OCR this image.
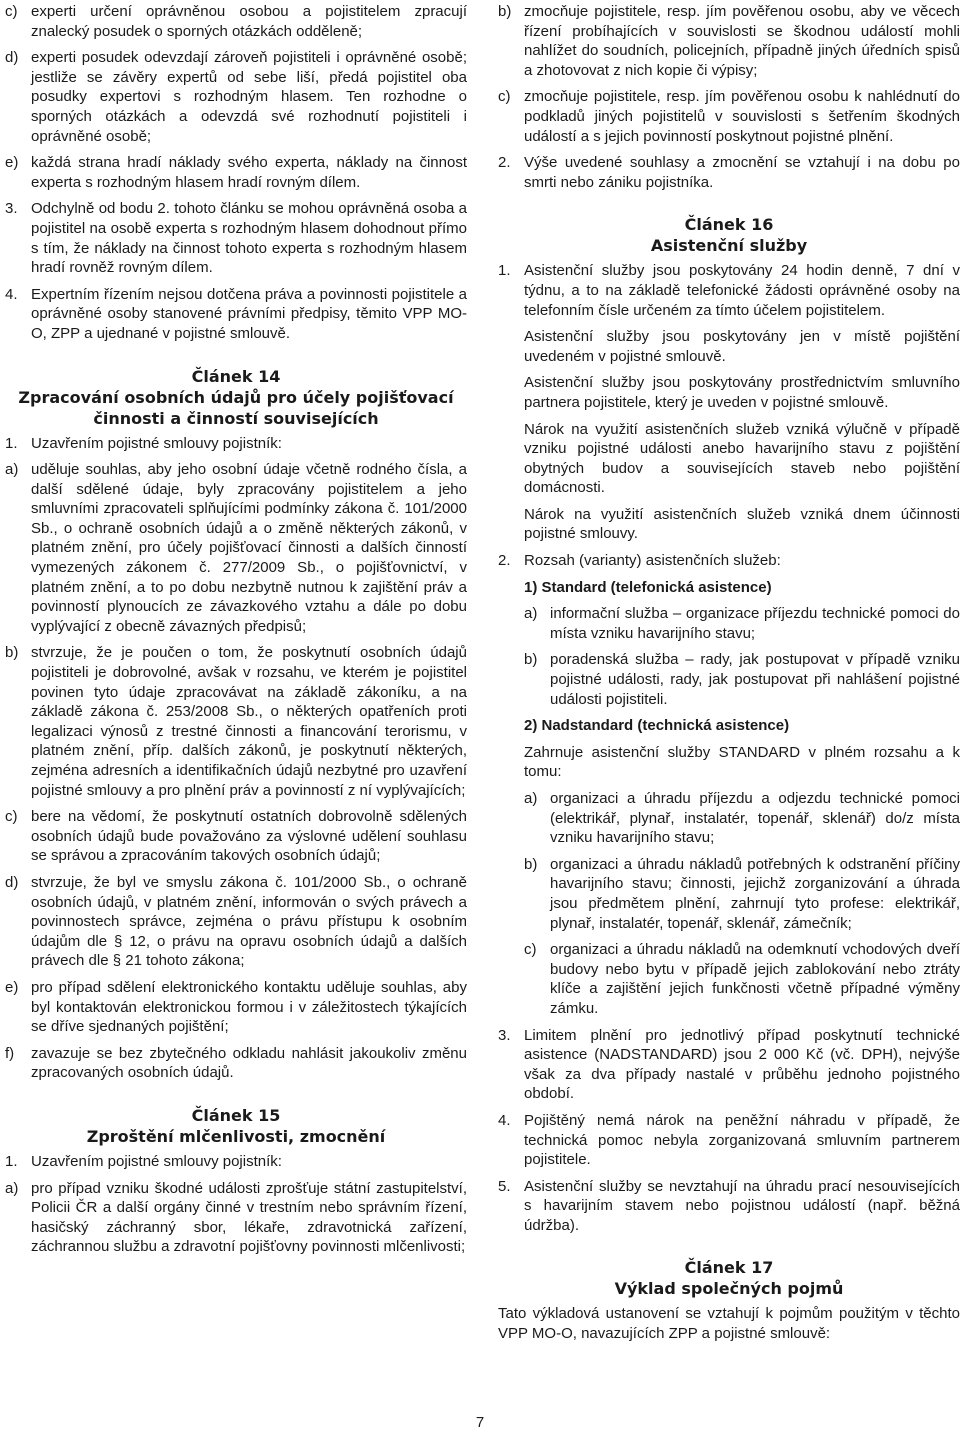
c) experti určení oprávněnou osobou a pojistitelem zpracují znalecký posudek o sporných otázkách odděleně;

d) experti posudek odevzdají zároveň pojistiteli i oprávněné osobě; jestliže se závěry expertů od sebe liší, předá pojistitel oba posudky expertovi s rozhodným hlasem. Ten rozhodne o sporných otázkách a odevzdá své rozhodnutí pojistiteli i oprávněné osobě;

e) každá strana hradí náklady svého experta, náklady na činnost experta s rozhodným hlasem hradí rovným dílem.

3. Odchylně od bodu 2. tohoto článku se mohou oprávněná osoba a pojistitel na osobě experta s rozhodným hlasem dohodnout přímo s tím, že náklady na činnost tohoto experta s rozhodným hlasem hradí rovněž rovným dílem.

4. Expertním řízením nejsou dotčena práva a povinnosti pojistitele a oprávněné osoby stanovené právními předpisy, těmito VPP MO-O, ZPP a ujednané v pojistné smlouvě.

Článek 14
Zpracování osobních údajů pro účely pojišťovací činnosti a činností souvisejících
1. Uzavřením pojistné smlouvy pojistník:

a) uděluje souhlas, aby jeho osobní údaje včetně rodného čísla, a další sdělené údaje, byly zpracovány pojistitelem a jeho smluvními zpracovateli splňujícími podmínky zákona č. 101/2000 Sb., o ochraně osobních údajů a o změně některých zákonů, v platném znění, pro účely pojišťovací činnosti a dalších činností vymezených zákonem č. 277/2009 Sb., o pojišťovnictví, v platném znění, a to po dobu nezbytně nutnou k zajištění práv a povinností plynoucích ze závazkového vztahu a dále po dobu vyplývající z obecně závazných předpisů;

b) stvrzuje, že je poučen o tom, že poskytnutí osobních údajů pojistiteli je dobrovolné, avšak v rozsahu, ve kterém je pojistitel povinen tyto údaje zpracovávat na základě zákoníku, a na základě zákona č. 253/2008 Sb., o některých opatřeních proti legalizaci výnosů z trestné činnosti a financování terorismu, v platném znění, příp. dalších zákonů, je poskytnutí některých, zejména adresních a identifikačních údajů nezbytné pro uzavření pojistné smlouvy a pro plnění práv a povinností z ní vyplývajících;

c) bere na vědomí, že poskytnutí ostatních dobrovolně sdělených osobních údajů bude považováno za výslovné udělení souhlasu se správou a zpracováním takových osobních údajů;

d) stvrzuje, že byl ve smyslu zákona č. 101/2000 Sb., o ochraně osobních údajů, v platném znění, informován o svých právech a povinnostech správce, zejména o právu přístupu k osobním údajům dle § 12, o právu na opravu osobních údajů a dalších právech dle § 21 tohoto zákona;

e) pro případ sdělení elektronického kontaktu uděluje souhlas, aby byl kontaktován elektronickou formou i v záležitostech týkajících se dříve sjednaných pojištění;

f) zavazuje se bez zbytečného odkladu nahlásit jakoukoliv změnu zpracovaných osobních údajů.

Článek 15
Zproštění mlčenlivosti, zmocnění
1. Uzavřením pojistné smlouvy pojistník:

a) pro případ vzniku škodné události zprošťuje státní zastupitelství, Policii ČR a další orgány činné v trestním nebo správním řízení, hasičský záchranný sbor, lékaře, zdravotnická zařízení, záchrannou službu a zdravotní pojišťovny povinnosti mlčenlivosti;

b) zmocňuje pojistitele, resp. jím pověřenou osobu, aby ve věcech řízení probíhajících v souvislosti se škodnou událostí mohli nahlížet do soudních, policejních, případně jiných úředních spisů a zhotovovat z nich kopie či výpisy;

c) zmocňuje pojistitele, resp. jím pověřenou osobu k nahlédnutí do podkladů jiných pojistitelů v souvislosti s šetřením škodných událostí a s jejich povinností poskytnout pojistné plnění.

2. Výše uvedené souhlasy a zmocnění se vztahují i na dobu po smrti nebo zániku pojistníka.

Článek 16
Asistenční služby
1. Asistenční služby jsou poskytovány 24 hodin denně, 7 dní v týdnu, a to na základě telefonické žádosti oprávněné osoby na telefonním čísle určeném za tímto účelem pojistitelem.

Asistenční služby jsou poskytovány jen v místě pojištění uvedeném v pojistné smlouvě.

Asistenční služby jsou poskytovány prostřednictvím smluvního partnera pojistitele, který je uveden v pojistné smlouvě.

Nárok na využití asistenčních služeb vzniká výlučně v případě vzniku pojistné události anebo havarijního stavu z pojištění obytných budov a souvisejících staveb nebo pojištění domácnosti.

Nárok na využití asistenčních služeb vzniká dnem účinnosti pojistné smlouvy.

2. Rozsah (varianty) asistenčních služeb:

1) Standard (telefonická asistence)

a) informační služba – organizace příjezdu technické pomoci do místa vzniku havarijního stavu;

b) poradenská služba – rady, jak postupovat v případě vzniku pojistné události, rady, jak postupovat při nahlášení pojistné události pojistiteli.

2) Nadstandard (technická asistence)

Zahrnuje asistenční služby STANDARD v plném rozsahu a k tomu:

a) organizaci a úhradu příjezdu a odjezdu technické pomoci (elektrikář, plynař, instalatér, topenář, sklenář) do/z místa vzniku havarijního stavu;

b) organizaci a úhradu nákladů potřebných k odstranění příčiny havarijního stavu; činnosti, jejichž zorganizování a úhrada jsou předmětem plnění, zahrnují tyto profese: elektrikář, plynař, instalatér, topenář, sklenář, zámečník;

c) organizaci a úhradu nákladů na odemknutí vchodových dveří budovy nebo bytu v případě jejich zablokování nebo ztráty klíče a zajištění jejich funkčnosti včetně případné výměny zámku.

3. Limitem plnění pro jednotlivý případ poskytnutí technické asistence (NADSTANDARD) jsou 2 000 Kč (vč. DPH), nejvýše však za dva případy nastalé v průběhu jednoho pojistného období.

4. Pojištěný nemá nárok na peněžní náhradu v případě, že technická pomoc nebyla zorganizovaná smluvním partnerem pojistitele.

5. Asistenční služby se nevztahují na úhradu prací nesouvisejících s havarijním stavem nebo pojistnou událostí (např. běžná údržba).

Článek 17
Výklad společných pojmů

Tato výkladová ustanovení se vztahují k pojmům použitým v těchto VPP MO-O, navazujících ZPP a pojistné smlouvě:

7
